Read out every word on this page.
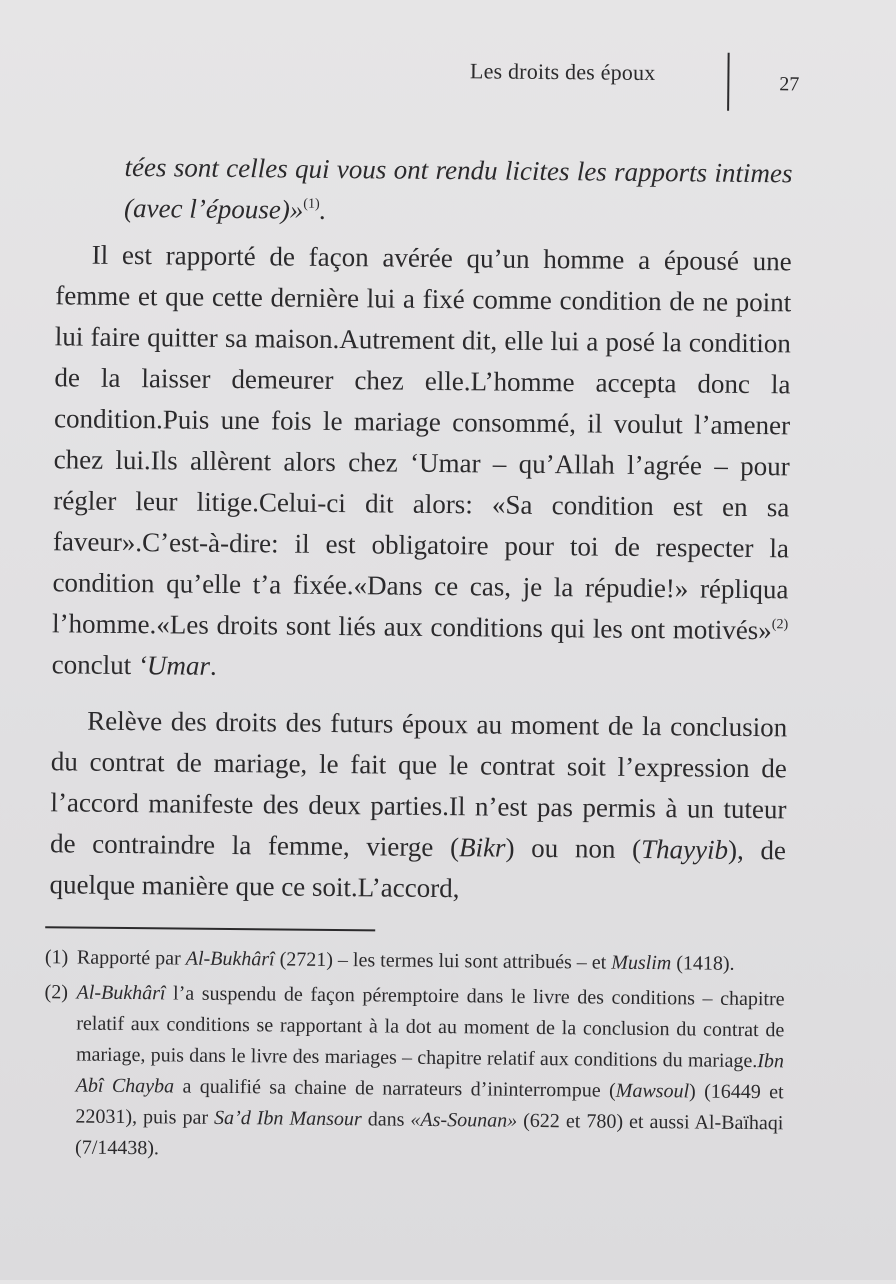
Les droits des époux	27
tées sont celles qui vous ont rendu licites les rapports intimes (avec l’épouse)»$^{(1)}$.

Il est rapporté de façon avérée qu’un homme a épousé une femme et que cette dernière lui a fixé comme condition de ne point lui faire quitter sa maison.Autrement dit, elle lui a posé la condition de la laisser demeurer chez elle.L’homme accepta donc la condition.Puis une fois le mariage consommé, il voulut l’amener chez lui.Ils allèrent alors chez ‘Umar – qu’Allah l’agrée – pour régler leur litige.Celui-ci dit alors: «Sa condition est en sa faveur».C’est-à-dire: il est obligatoire pour toi de respecter la condition qu’elle t’a fixée.«Dans ce cas, je la répudie!» répliqua l’homme.«Les droits sont liés aux conditions qui les ont motivés»$^{(2)}$ conclut ‘Umar.

Relève des droits des futurs époux au moment de la conclusion du contrat de mariage, le fait que le contrat soit l’expression de l’accord manifeste des deux parties.Il n’est pas permis à un tuteur de contraindre la femme, vierge (Bikr) ou non (Thayyib), de quelque manière que ce soit.L’accord,

(1) Rapporté par Al-Bukhârî (2721) – les termes lui sont attribués – et Muslim (1418).
(2) Al-Bukhârî l’a suspendu de façon péremptoire dans le livre des conditions – chapitre relatif aux conditions se rapportant à la dot au moment de la conclusion du contrat de mariage, puis dans le livre des mariages – chapitre relatif aux conditions du mariage.Ibn Abî Chayba a qualifié sa chaine de narrateurs d’ininterrompue (Mawsoul) (16449 et 22031), puis par Sa’d Ibn Mansour dans «As-Sounan» (622 et 780) et aussi Al-Baïhaqi (7/14438).
